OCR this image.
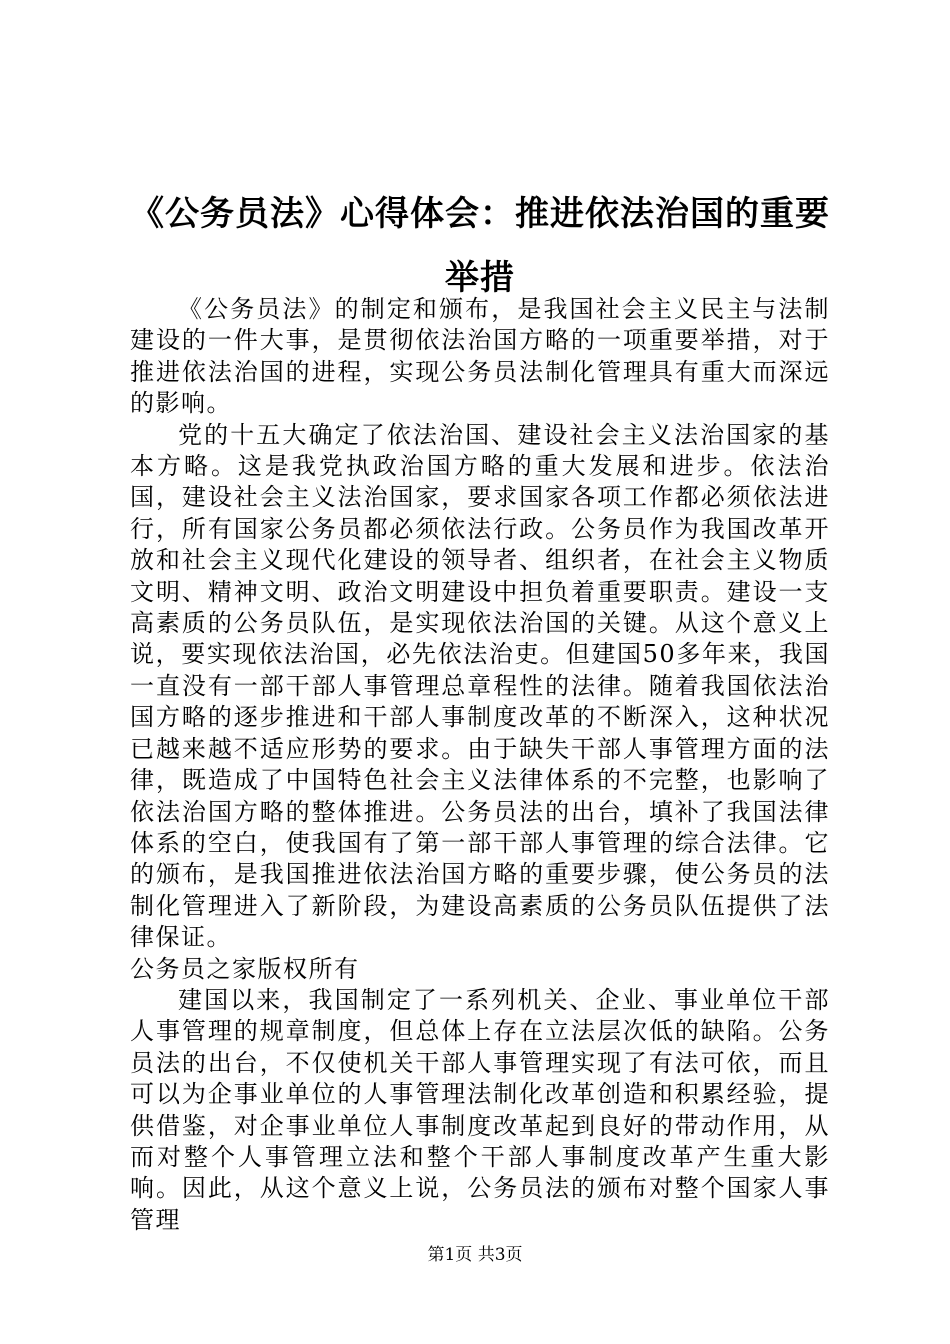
《公务员法》心得体会：推进依法治国的重要举措

《公务员法》的制定和颁布，是我国社会主义民主与法制建设的一件大事，是贯彻依法治国方略的一项重要举措，对于推进依法治国的进程，实现公务员法制化管理具有重大而深远的影响。

党的十五大确定了依法治国、建设社会主义法治国家的基本方略。这是我党执政治国方略的重大发展和进步。依法治国，建设社会主义法治国家，要求国家各项工作都必须依法进行，所有国家公务员都必须依法行政。公务员作为我国改革开放和社会主义现代化建设的领导者、组织者，在社会主义物质文明、精神文明、政治文明建设中担负着重要职责。建设一支高素质的公务员队伍，是实现依法治国的关键。从这个意义上说，要实现依法治国，必先依法治吏。但建国50多年来，我国一直没有一部干部人事管理总章程性的法律。随着我国依法治国方略的逐步推进和干部人事制度改革的不断深入，这种状况已越来越不适应形势的要求。由于缺失干部人事管理方面的法律，既造成了中国特色社会主义法律体系的不完整，也影响了依法治国方略的整体推进。公务员法的出台，填补了我国法律体系的空白，使我国有了第一部干部人事管理的综合法律。它的颁布，是我国推进依法治国方略的重要步骤，使公务员的法制化管理进入了新阶段，为建设高素质的公务员队伍提供了法律保证。

公务员之家版权所有

建国以来，我国制定了一系列机关、企业、事业单位干部人事管理的规章制度，但总体上存在立法层次低的缺陷。公务员法的出台，不仅使机关干部人事管理实现了有法可依，而且可以为企事业单位的人事管理法制化改革创造和积累经验，提供借鉴，对企事业单位人事制度改革起到良好的带动作用，从而对整个人事管理立法和整个干部人事制度改革产生重大影响。因此，从这个意义上说，公务员法的颁布对整个国家人事管理

第1页 共3页
